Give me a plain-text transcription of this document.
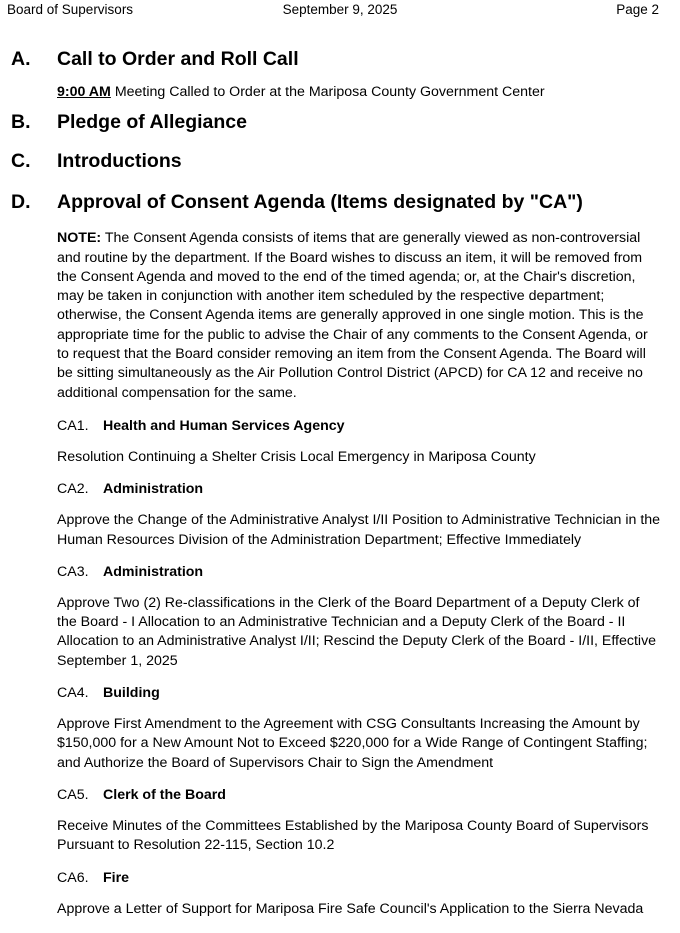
Board of Supervisors	September 9, 2025	Page 2
A.	Call to Order and Roll Call
9:00 AM Meeting Called to Order at the Mariposa County Government Center
B.	Pledge of Allegiance
C.	Introductions
D.	Approval of Consent Agenda (Items designated by "CA")
NOTE: The Consent Agenda consists of items that are generally viewed as non-controversial and routine by the department. If the Board wishes to discuss an item, it will be removed from the Consent Agenda and moved to the end of the timed agenda; or, at the Chair's discretion, may be taken in conjunction with another item scheduled by the respective department; otherwise, the Consent Agenda items are generally approved in one single motion. This is the appropriate time for the public to advise the Chair of any comments to the Consent Agenda, or to request that the Board consider removing an item from the Consent Agenda. The Board will be sitting simultaneously as the Air Pollution Control District (APCD) for CA 12 and receive no additional compensation for the same.
CA1.	Health and Human Services Agency
Resolution Continuing a Shelter Crisis Local Emergency in Mariposa County
CA2.	Administration
Approve the Change of the Administrative Analyst I/II Position to Administrative Technician in the Human Resources Division of the Administration Department; Effective Immediately
CA3.	Administration
Approve Two (2) Re-classifications in the Clerk of the Board Department of a Deputy Clerk of the Board - I Allocation to an Administrative Technician and a Deputy Clerk of the Board - II Allocation to an Administrative Analyst I/II; Rescind the Deputy Clerk of the Board - I/II, Effective September 1, 2025
CA4.	Building
Approve First Amendment to the Agreement with CSG Consultants Increasing the Amount by $150,000 for a New Amount Not to Exceed $220,000 for a Wide Range of Contingent Staffing; and Authorize the Board of Supervisors Chair to Sign the Amendment
CA5.	Clerk of the Board
Receive Minutes of the Committees Established by the Mariposa County Board of Supervisors Pursuant to Resolution 22-115, Section 10.2
CA6.	Fire
Approve a Letter of Support for Mariposa Fire Safe Council's Application to the Sierra Nevada
